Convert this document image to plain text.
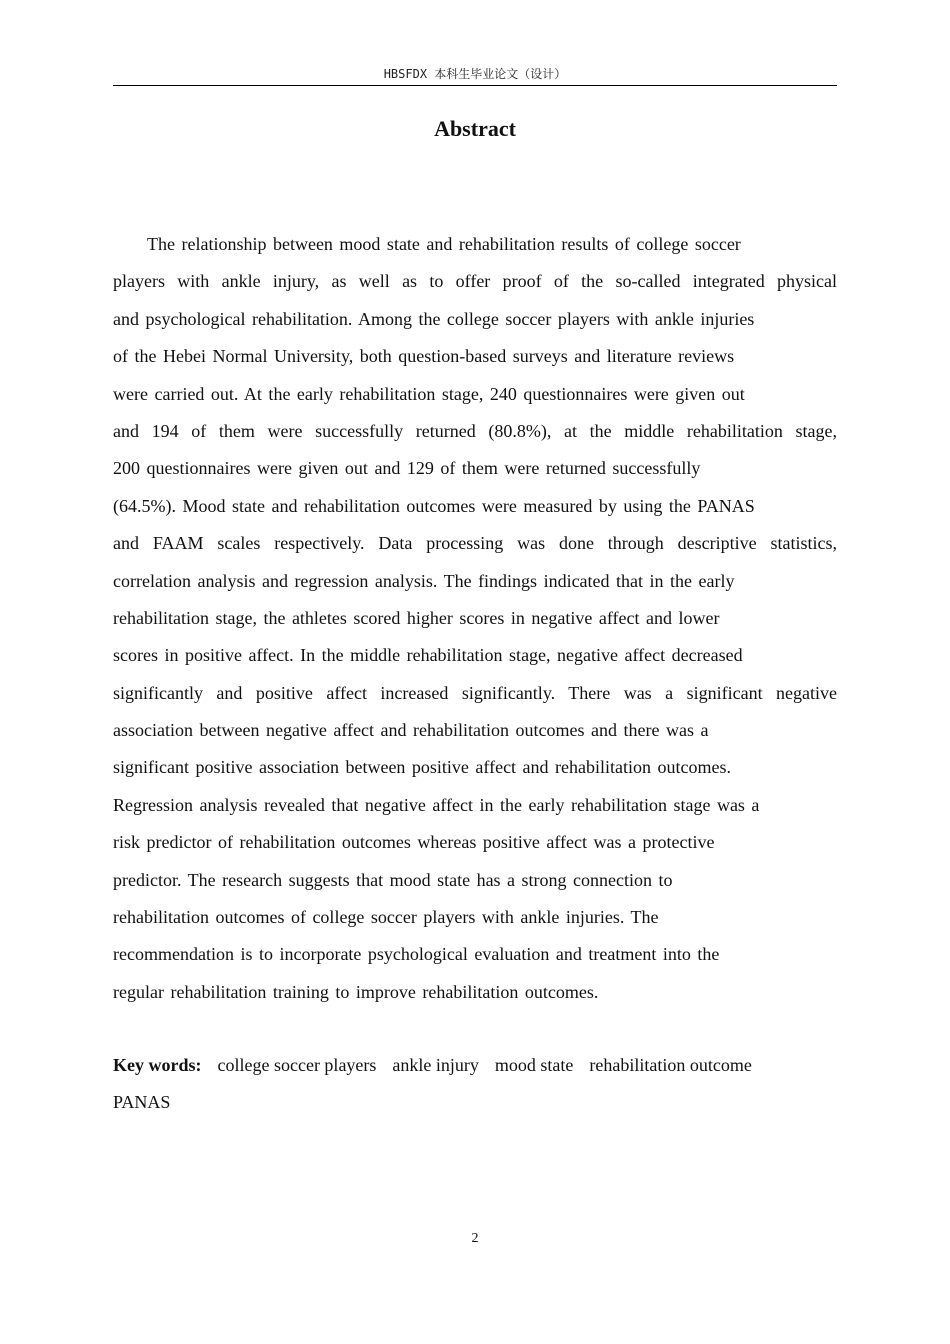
HBSFDX 本科生毕业论文（设计）
Abstract
The relationship between mood state and rehabilitation results of college soccer
players with ankle injury, as well as to offer proof of the so-called integrated physical
and psychological rehabilitation. Among the college soccer players with ankle injuries
of the Hebei Normal University, both question-based surveys and literature reviews
were carried out. At the early rehabilitation stage, 240 questionnaires were given out
and 194 of them were successfully returned (80.8%), at the middle rehabilitation stage,
200 questionnaires were given out and 129 of them were returned successfully
(64.5%). Mood state and rehabilitation outcomes were measured by using the PANAS
and FAAM scales respectively. Data processing was done through descriptive statistics,
correlation analysis and regression analysis. The findings indicated that in the early
rehabilitation stage, the athletes scored higher scores in negative affect and lower
scores in positive affect. In the middle rehabilitation stage, negative affect decreased
significantly and positive affect increased significantly. There was a significant negative
association between negative affect and rehabilitation outcomes and there was a
significant positive association between positive affect and rehabilitation outcomes.
Regression analysis revealed that negative affect in the early rehabilitation stage was a
risk predictor of rehabilitation outcomes whereas positive affect was a protective
predictor. The research suggests that mood state has a strong connection to
rehabilitation outcomes of college soccer players with ankle injuries. The
recommendation is to incorporate psychological evaluation and treatment into the
regular rehabilitation training to improve rehabilitation outcomes.
Key words: college soccer players ankle injury mood state rehabilitation outcome
PANAS
2
